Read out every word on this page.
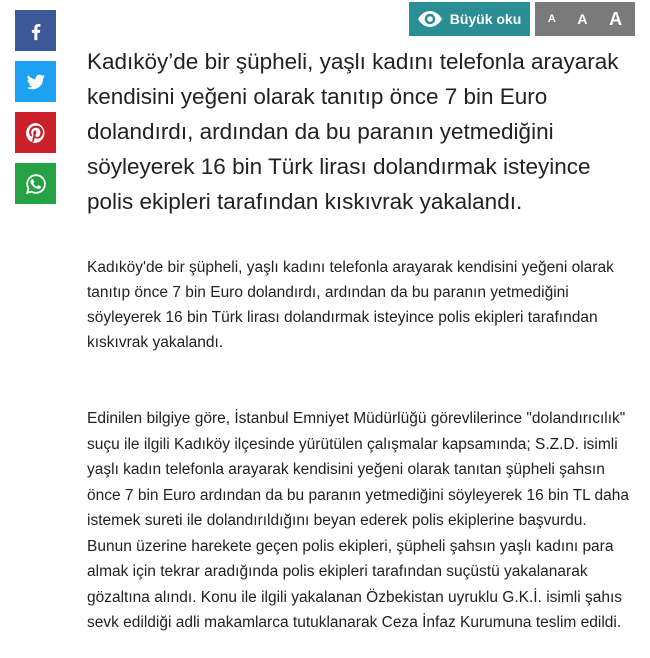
Büyük oku A A A
Kadıköy’de bir şüpheli, yaşlı kadını telefonla arayarak kendisini yeğeni olarak tanıtıp önce 7 bin Euro dolandırdı, ardından da bu paranın yetmediğini söyleyerek 16 bin Türk lirası dolandırmak isteyince polis ekipleri tarafından kıskıvrak yakalandı.

Kadıköy'de bir şüpheli, yaşlı kadını telefonla arayarak kendisini yeğeni olarak tanıtıp önce 7 bin Euro dolandırdı, ardından da bu paranın yetmediğini söyleyerek 16 bin Türk lirası dolandırmak isteyince polis ekipleri tarafından kıskıvrak yakalandı.

Edinilen bilgiye göre, İstanbul Emniyet Müdürlüğü görevlilerince "dolandırıcılık" suçu ile ilgili Kadıköy ilçesinde yürütülen çalışmalar kapsamında; S.Z.D. isimli yaşlı kadın telefonla arayarak kendisini yeğeni olarak tanıtan şüpheli şahsın önce 7 bin Euro ardından da bu paranın yetmediğini söyleyerek 16 bin TL daha istemek sureti ile dolandırıldığını beyan ederek polis ekiplerine başvurdu. Bunun üzerine harekete geçen polis ekipleri, şüpheli şahsın yaşlı kadını para almak için tekrar aradığında polis ekipleri tarafından suçüstü yakalanarak gözaltına alındı. Konu ile ilgili yakalanan Özbekistan uyruklu G.K.İ. isimli şahıs sevk edildiği adli makamlarca tutuklanarak Ceza İnfaz Kurumuna teslim edildi.
